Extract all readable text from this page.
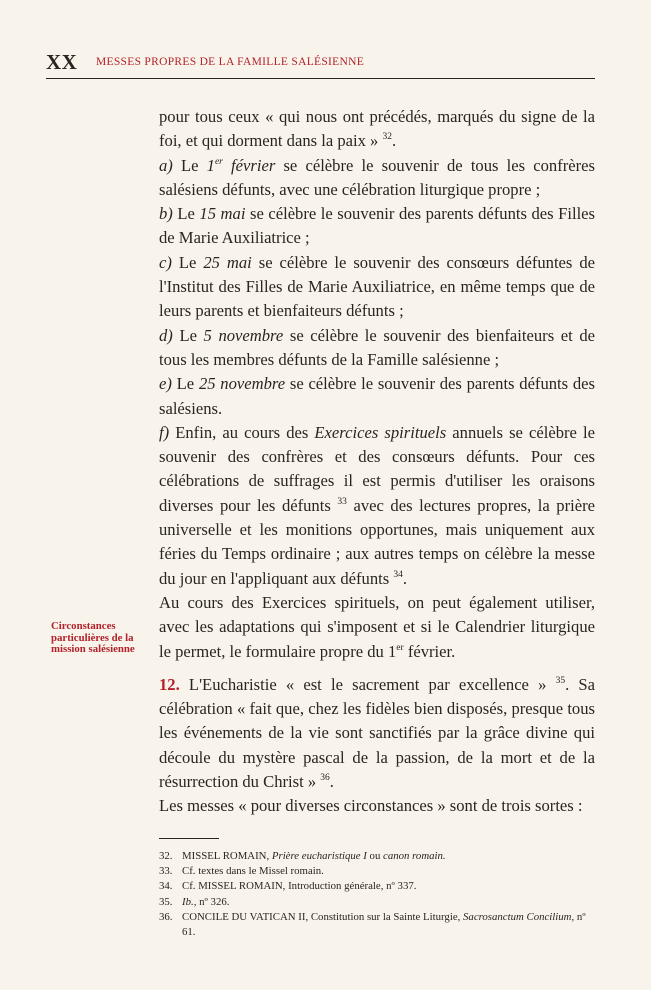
XX MESSES PROPRES DE LA FAMILLE SALÉSIENNE
Circonstances particulières de la mission salésienne

pour tous ceux « qui nous ont précédés, marqués du signe de la foi, et qui dorment dans la paix » $^{32}$.

a) Le 1er février se célèbre le souvenir de tous les confrères salésiens défunts, avec une célébration liturgique propre ;

b) Le 15 mai se célèbre le souvenir des parents défunts des Filles de Marie Auxiliatrice ;

c) Le 25 mai se célèbre le souvenir des consœurs défuntes de l'Institut des Filles de Marie Auxiliatrice, en même temps que de leurs parents et bienfaiteurs défunts ;

d) Le 5 novembre se célèbre le souvenir des bienfaiteurs et de tous les membres défunts de la Famille salésienne ;

e) Le 25 novembre se célèbre le souvenir des parents défunts des salésiens.

f) Enfin, au cours des Exercices spirituels annuels se célèbre le souvenir des confrères et des consœurs défunts. Pour ces célébrations de suffrages il est permis d'utiliser les oraisons diverses pour les défunts $^{33}$ avec des lectures propres, la prière universelle et les monitions opportunes, mais uniquement aux féries du Temps ordinaire ; aux autres temps on célèbre la messe du jour en l'appliquant aux défunts $^{34}$.

Au cours des Exercices spirituels, on peut également utiliser, avec les adaptations qui s'imposent et si le Calendrier liturgique le permet, le formulaire propre du 1er février.

12. L'Eucharistie « est le sacrement par excellence » $^{35}$. Sa célébration « fait que, chez les fidèles bien disposés, presque tous les événements de la vie sont sanctifiés par la grâce divine qui découle du mystère pascal de la passion, de la mort et de la résurrection du Christ » $^{36}$.

Les messes « pour diverses circonstances » sont de trois sortes :

32. MISSEL ROMAIN, Prière eucharistique I ou canon romain.
33. Cf. textes dans le Missel romain.
34. Cf. MISSEL ROMAIN, Introduction générale, nº 337.
35. Ib., nº 326.
36. CONCILE DU VATICAN II, Constitution sur la Sainte Liturgie, Sacrosanctum Concilium, nº 61.
